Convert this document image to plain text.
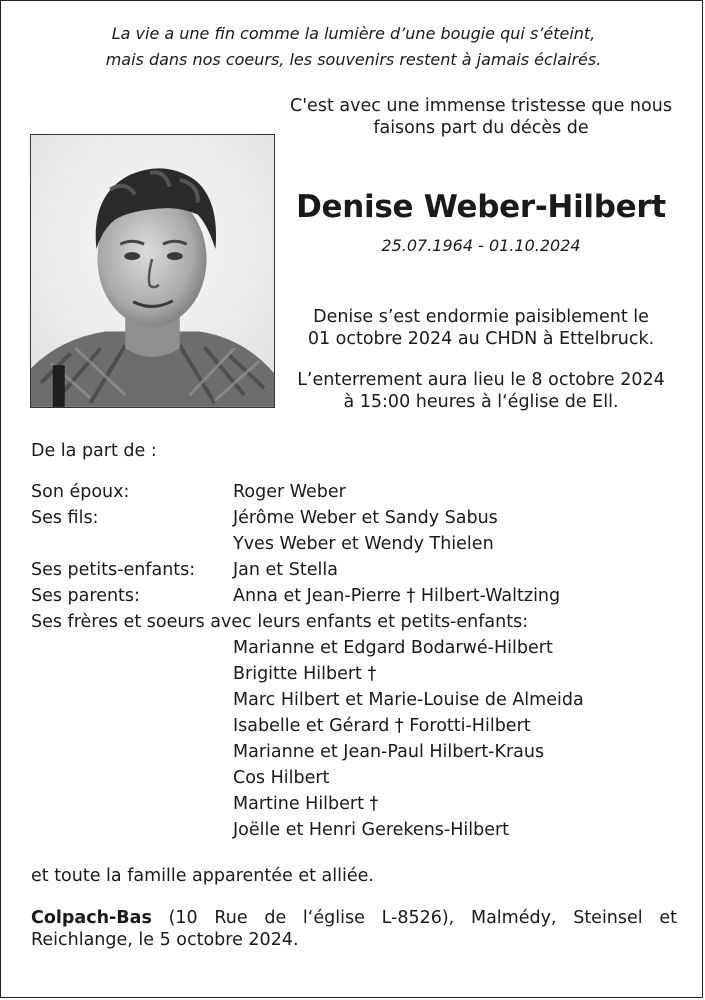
La vie a une fin comme la lumière d’une bougie qui s’éteint,
mais dans nos coeurs, les souvenirs restent à jamais éclairés.
C'est avec une immense tristesse que nous
faisons part du décès de
Denise Weber-Hilbert
25.07.1964 - 01.10.2024
Denise s’est endormie paisiblement le
01 octobre 2024 au CHDN à Ettelbruck.
L’enterrement aura lieu le 8 octobre 2024
à 15:00 heures à l‘église de Ell.
De la part de :
Son époux:	Roger Weber
Ses fils:	Jérôme Weber et Sandy Sabus
Yves Weber et Wendy Thielen
Ses petits-enfants: Jan et Stella
Ses parents:	Anna et Jean-Pierre † Hilbert-Waltzing
Ses frères et soeurs avec leurs enfants et petits-enfants:
Marianne et Edgard Bodarwé-Hilbert
Brigitte Hilbert †
Marc Hilbert et Marie-Louise de Almeida
Isabelle et Gérard † Forotti-Hilbert
Marianne et Jean-Paul Hilbert-Kraus
Cos Hilbert
Martine Hilbert †
Joëlle et Henri Gerekens-Hilbert
et toute la famille apparentée et alliée.
Colpach-Bas (10 Rue de l‘église L-8526), Malmédy, Steinsel et Reichlange, le 5 octobre 2024.
